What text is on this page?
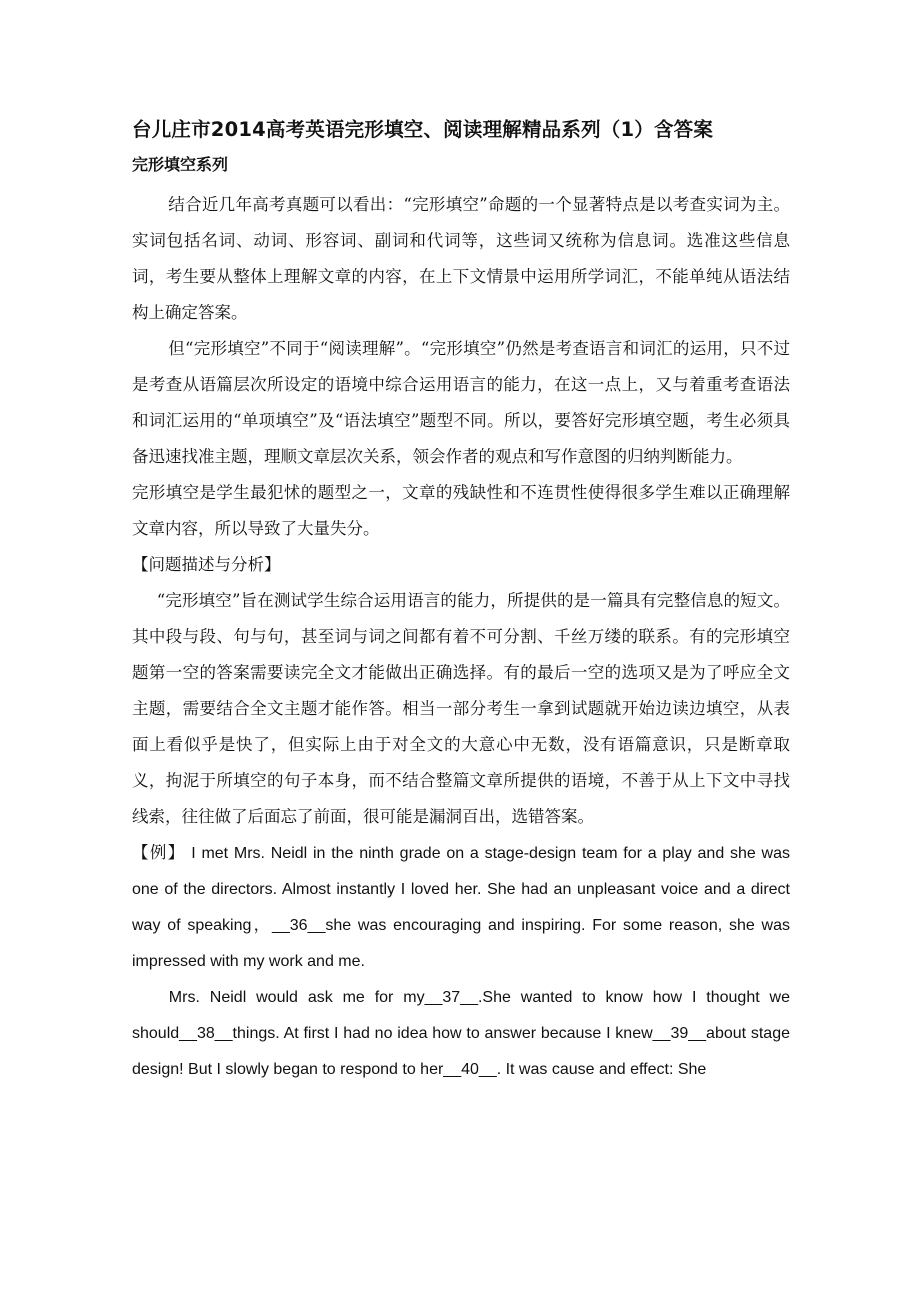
台儿庄市2014高考英语完形填空、阅读理解精品系列（1）含答案
完形填空系列

结合近几年高考真题可以看出：“完形填空”命题的一个显著特点是以考查实词为主。实词包括名词、动词、形容词、副词和代词等，这些词又统称为信息词。选准这些信息词，考生要从整体上理解文章的内容，在上下文情景中运用所学词汇，不能单纯从语法结构上确定答案。

但“完形填空”不同于“阅读理解”。“完形填空”仍然是考查语言和词汇的运用，只不过是考查从语篇层次所设定的语境中综合运用语言的能力，在这一点上，又与着重考查语法和词汇运用的“单项填空”及“语法填空”题型不同。所以，要答好完形填空题，考生必须具备迅速找准主题，理顺文章层次关系，领会作者的观点和写作意图的归纳判断能力。

完形填空是学生最犯怵的题型之一，文章的残缺性和不连贯性使得很多学生难以正确理解文章内容，所以导致了大量失分。

【问题描述与分析】

“完形填空”旨在测试学生综合运用语言的能力，所提供的是一篇具有完整信息的短文。其中段与段、句与句，甚至词与词之间都有着不可分割、千丝万缕的联系。有的完形填空题第一空的答案需要读完全文才能做出正确选择。有的最后一空的选项又是为了呼应全文主题，需要结合全文主题才能作答。相当一部分考生一拿到试题就开始边读边填空，从表面上看似乎是快了，但实际上由于对全文的大意心中无数，没有语篇意识，只是断章取义，拘泥于所填空的句子本身，而不结合整篇文章所提供的语境，不善于从上下文中寻找线索，往往做了后面忘了前面，很可能是漏洞百出，选错答案。

【例】 I met Mrs. Neidl in the ninth grade on a stage-design team for a play and she was one of the directors. Almost instantly I loved her. She had an unpleasant voice and a direct way of speaking，__36__she was encouraging and inspiring. For some reason, she was impressed with my work and me.

Mrs. Neidl would ask me for my__37__.She wanted to know how I thought we should__38__things. At first I had no idea how to answer because I knew__39__about stage design! But I slowly began to respond to her__40__. It was cause and effect: She
